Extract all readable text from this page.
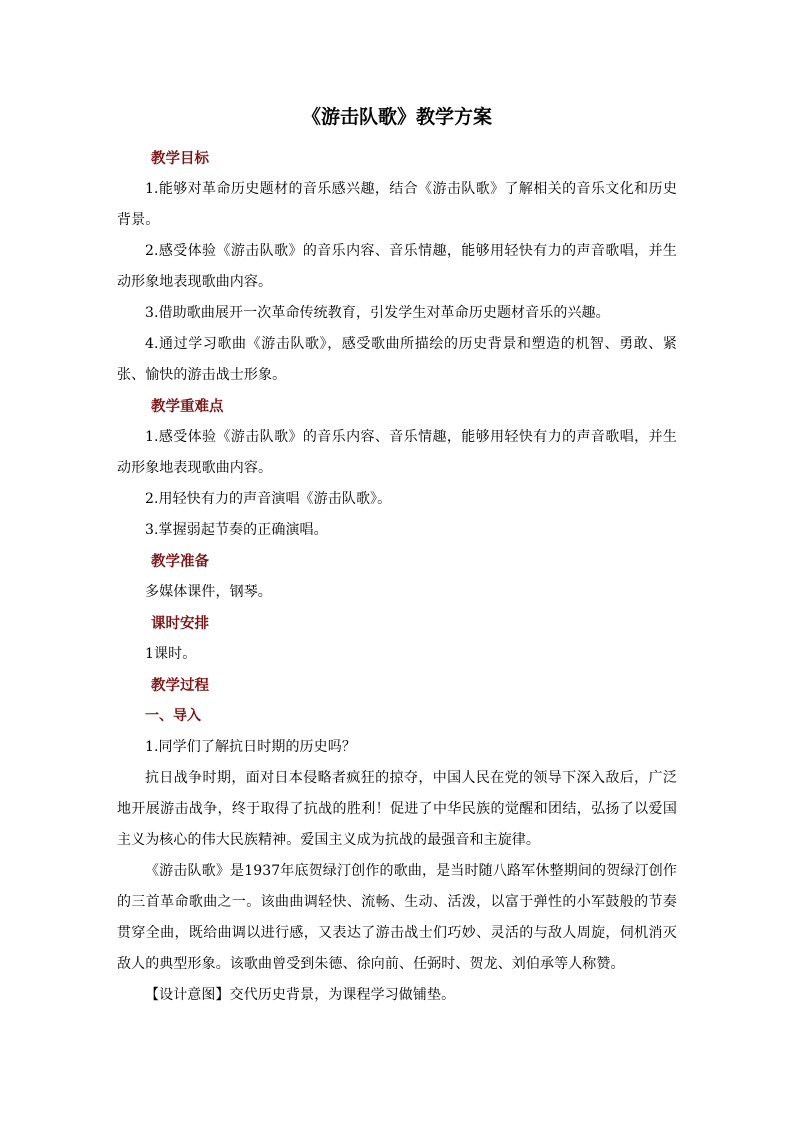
《游击队歌》教学方案

教学目标

1.能够对革命历史题材的音乐感兴趣，结合《游击队歌》了解相关的音乐文化和历史背景。

2.感受体验《游击队歌》的音乐内容、音乐情趣，能够用轻快有力的声音歌唱，并生动形象地表现歌曲内容。

3.借助歌曲展开一次革命传统教育，引发学生对革命历史题材音乐的兴趣。

4.通过学习歌曲《游击队歌》，感受歌曲所描绘的历史背景和塑造的机智、勇敢、紧张、愉快的游击战士形象。

教学重难点

1.感受体验《游击队歌》的音乐内容、音乐情趣，能够用轻快有力的声音歌唱，并生动形象地表现歌曲内容。

2.用轻快有力的声音演唱《游击队歌》。

3.掌握弱起节奏的正确演唱。

教学准备

多媒体课件，钢琴。

课时安排

1课时。

教学过程

一、导入

1.同学们了解抗日时期的历史吗？

抗日战争时期，面对日本侵略者疯狂的掠夺，中国人民在党的领导下深入敌后，广泛地开展游击战争，终于取得了抗战的胜利！促进了中华民族的觉醒和团结，弘扬了以爱国主义为核心的伟大民族精神。爱国主义成为抗战的最强音和主旋律。

《游击队歌》是1937年底贺绿汀创作的歌曲，是当时随八路军休整期间的贺绿汀创作的三首革命歌曲之一。该曲曲调轻快、流畅、生动、活泼，以富于弹性的小军鼓般的节奏贯穿全曲，既给曲调以进行感，又表达了游击战士们巧妙、灵活的与敌人周旋，伺机消灭敌人的典型形象。该歌曲曾受到朱德、徐向前、任弼时、贺龙、刘伯承等人称赞。

【设计意图】交代历史背景，为课程学习做铺垫。
